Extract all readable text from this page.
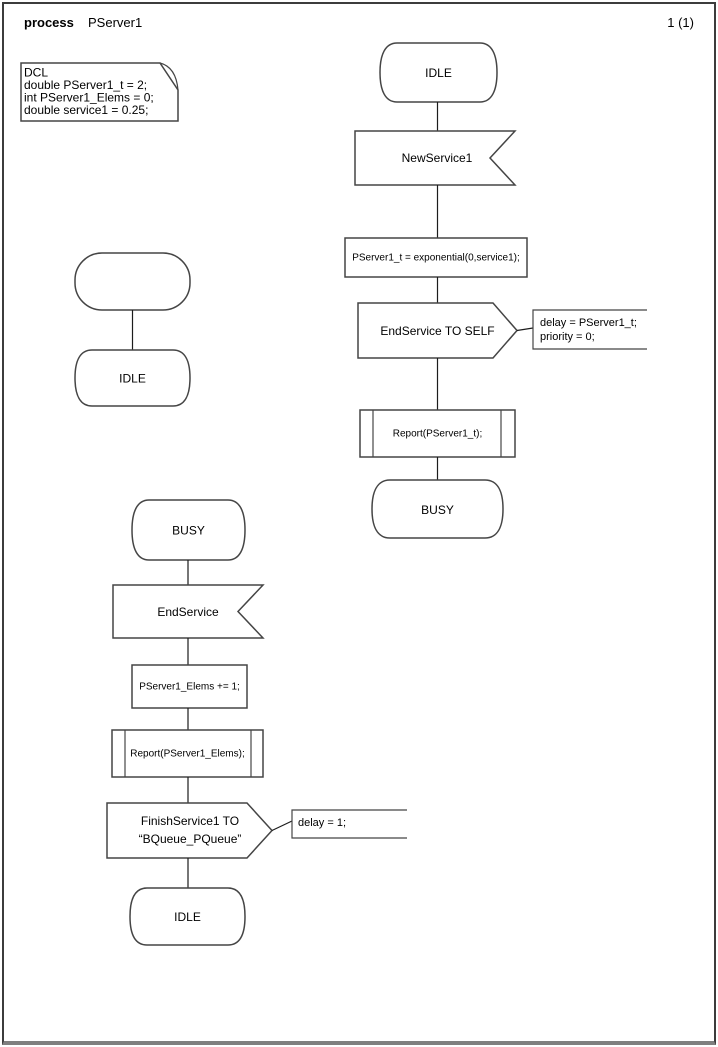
process PServer1	1 (1)
DCL
double PServer1_t = 2;
int PServer1_Elems = 0;
double service1 = 0.25;
IDLE
IDLE
NewService1
PServer1_t = exponential(0,service1);
EndService TO SELF
delay = PServer1_t;
priority = 0;
Report(PServer1_t);
BUSY
BUSY
EndService
PServer1_Elems += 1;
Report(PServer1_Elems);
FinishService1 TO
“BQueue_PQueue”
delay = 1;
IDLE
